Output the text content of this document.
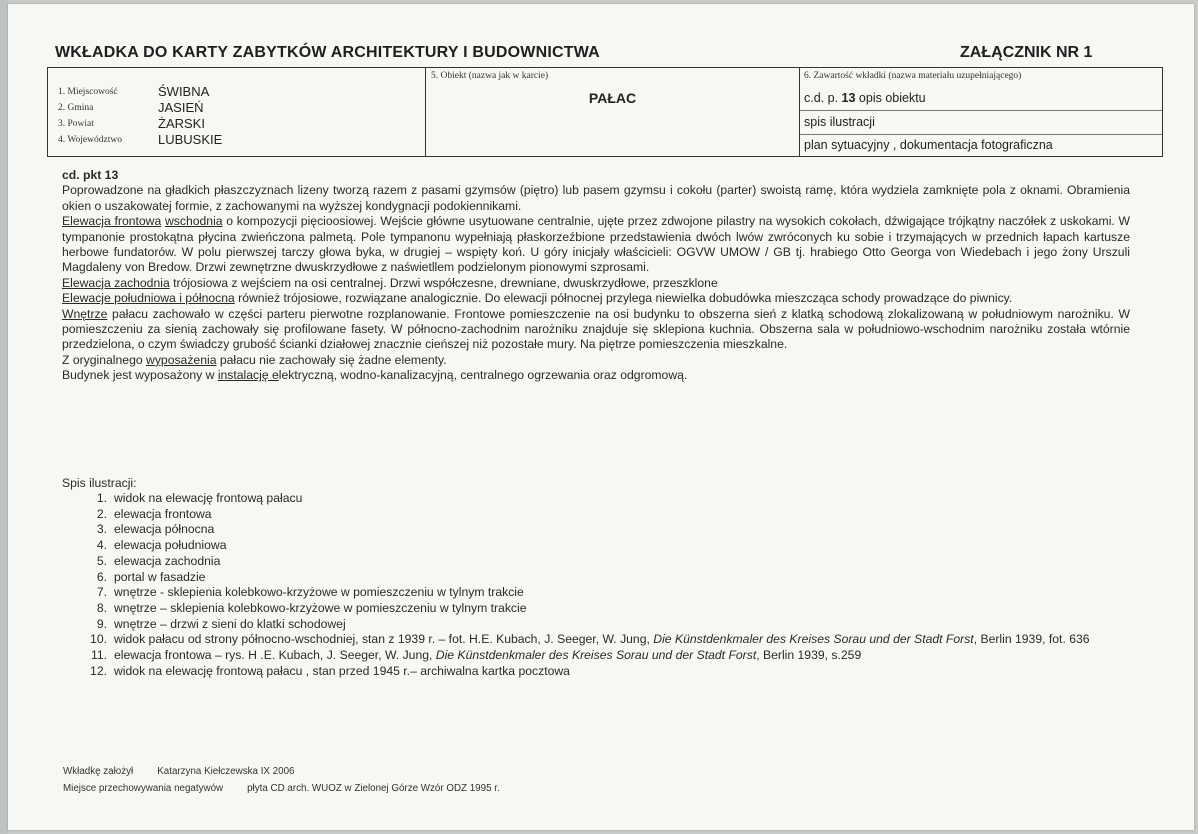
WKŁADKA DO KARTY ZABYTKÓW ARCHITEKTURY I BUDOWNICTWA	ZAŁĄCZNIK NR 1
1. Miejscowość	ŚWIBNA
2. Gmina	JASIEŃ
3. Powiat	ŻARSKI
4. Województwo	LUBUSKIE
5. Obiekt (nazwa jak w karcie)
PAŁAC
6. Zawartość wkładki (nazwa materiału uzupełniającego)
c.d. p. 13 opis obiektu
spis ilustracji
plan sytuacyjny , dokumentacja fotograficzna
cd. pkt 13

Poprowadzone na gładkich płaszczyznach lizeny tworzą razem z pasami gzymsów (piętro) lub pasem gzymsu i cokołu (parter) swoistą ramę, która wydziela zamknięte pola z oknami. Obramienia okien o uszakowatej formie, z zachowanymi na wyższej kondygnacji podokiennikami.

Elewacja frontowa wschodnia o kompozycji pięcioosiowej. Wejście główne usytuowane centralnie, ujęte przez zdwojone pilastry na wysokich cokołach, dźwigające trójkątny naczółek z uskokami. W tympanonie prostokątna płycina zwieńczona palmetą. Pole tympanonu wypełniają płaskorzeźbione przedstawienia dwóch lwów zwróconych ku sobie i trzymających w przednich łapach kartusze herbowe fundatorów. W polu pierwszej tarczy głowa byka, w drugiej – wspięty koń. U góry inicjały właścicieli: OGVW UMOW / GB tj. hrabiego Otto Georga von Wiedebach i jego żony Urszuli Magdaleny von Bredow. Drzwi zewnętrzne dwuskrzydłowe z naświetllem podzielonym pionowymi szprosami.

Elewacja zachodnia trójosiowa z wejściem na osi centralnej. Drzwi współczesne, drewniane, dwuskrzydłowe, przeszklone

Elewacje południowa i północna również trójosiowe, rozwiązane analogicznie. Do elewacji północnej przylega niewielka dobudówka mieszcząca schody prowadzące do piwnicy.

Wnętrze pałacu zachowało w części parteru pierwotne rozplanowanie. Frontowe pomieszczenie na osi budynku to obszerna sień z klatką schodową zlokalizowaną w południowym narożniku. W pomieszczeniu za sienią zachowały się profilowane fasety. W północno-zachodnim narożniku znajduje się sklepiona kuchnia. Obszerna sala w południowo-wschodnim narożniku została wtórnie przedzielona, o czym świadczy grubość ścianki działowej znacznie cieńszej niż pozostałe mury. Na piętrze pomieszczenia mieszkalne.

Z oryginalnego wyposażenia pałacu nie zachowały się żadne elementy.

Budynek jest wyposażony w instalację elektryczną, wodno-kanalizacyjną, centralnego ogrzewania oraz odgromową.

Spis ilustracji:
1. widok na elewację frontową pałacu
2. elewacja frontowa
3. elewacja północna
4. elewacja południowa
5. elewacja zachodnia
6. portal w fasadzie
7. wnętrze - sklepienia kolebkowo-krzyżowe w pomieszczeniu w tylnym trakcie
8. wnętrze – sklepienia kolebkowo-krzyżowe w pomieszczeniu w tylnym trakcie
9. wnętrze – drzwi z sieni do klatki schodowej
10. widok pałacu od strony północno-wschodniej, stan z 1939 r. – fot. H.E. Kubach, J. Seeger, W. Jung, Die Künstdenkmaler des Kreises Sorau und der Stadt Forst, Berlin 1939, fot. 636
11. elewacja frontowa – rys. H .E. Kubach, J. Seeger, W. Jung, Die Künstdenkmaler des Kreises Sorau und der Stadt Forst, Berlin 1939, s.259
12. widok na elewację frontową pałacu , stan przed 1945 r.– archiwalna kartka pocztowa
Wkładkę założył Katarzyna Kiełczewska IX 2006
Miejsce przechowywania negatywów płyta CD arch. WUOZ w Zielonej Górze Wzór ODZ 1995 r.
